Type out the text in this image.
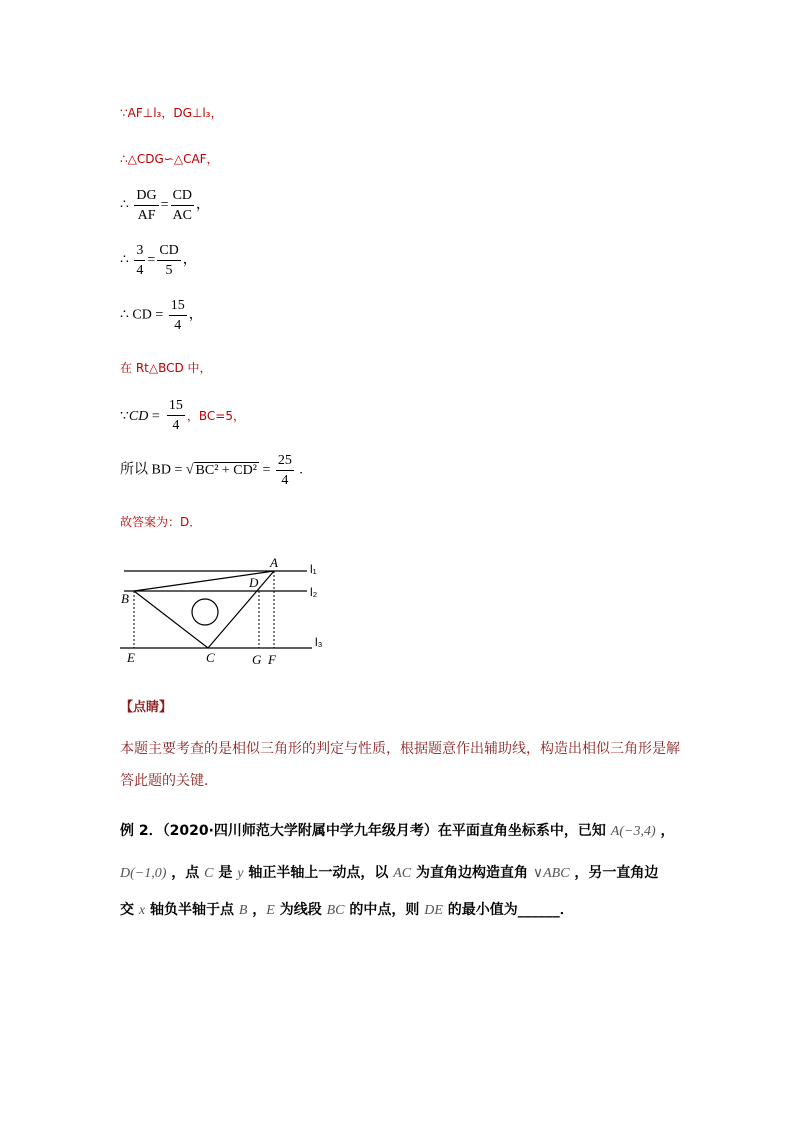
∵AF⊥l₃，DG⊥l₃，
∴△CDG∽△CAF，
∴ $\frac{DG}{AF} = \frac{CD}{AC}$ ，
∴ $\frac{3}{4} = \frac{CD}{5}$ ，
∴ CD = $\frac{15}{4}$ ，
在 Rt△BCD 中，
∵CD = $\frac{15}{4}$ ，BC=5，
所以 BD = √ $BC^2 + CD^2 = \frac{25}{4}$ .
故答案为：D．
A
B
D
C
E	G F
l₁
l₂
l₃
【点睛】
本题主要考查的是相似三角形的判定与性质，根据题意作出辅助线，构造出相似三角形是解
答此题的关键．
例 2．（2020·四川师范大学附属中学九年级月考）在平面直角坐标系中，已知 A(−3,4) ，
D(−1,0) ，点 C 是 y 轴正半轴上一动点，以 AC 为直角边构造直角 ∨ABC ，另一直角边
交 x 轴负半轴于点 B ，E 为线段 BC 的中点，则 DE 的最小值为______．
